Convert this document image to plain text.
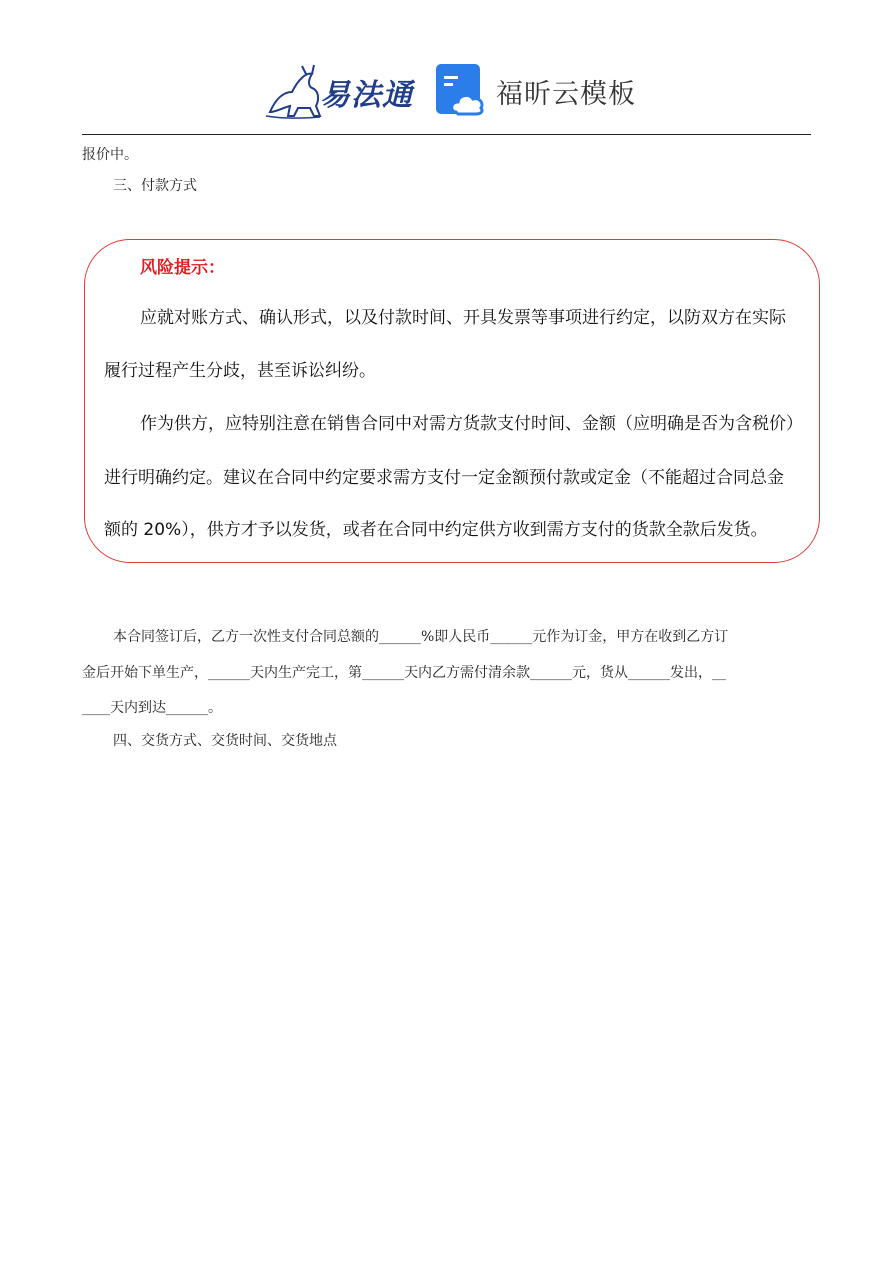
易法通	福昕云模板
报价中。
三、付款方式
风险提示：
应就对账方式、确认形式，以及付款时间、开具发票等事项进行约定，以防双方在实际
履行过程产生分歧，甚至诉讼纠纷。
作为供方，应特别注意在销售合同中对需方货款支付时间、金额（应明确是否为含税价）
进行明确约定。建议在合同中约定要求需方支付一定金额预付款或定金（不能超过合同总金
额的 20%），供方才予以发货，或者在合同中约定供方收到需方支付的货款全款后发货。
本合同签订后，乙方一次性支付合同总额的______%即人民币______元作为订金，甲方在收到乙方订
金后开始下单生产，______天内生产完工，第______天内乙方需付清余款______元，货从______发出，__
____天内到达______。
四、交货方式、交货时间、交货地点
